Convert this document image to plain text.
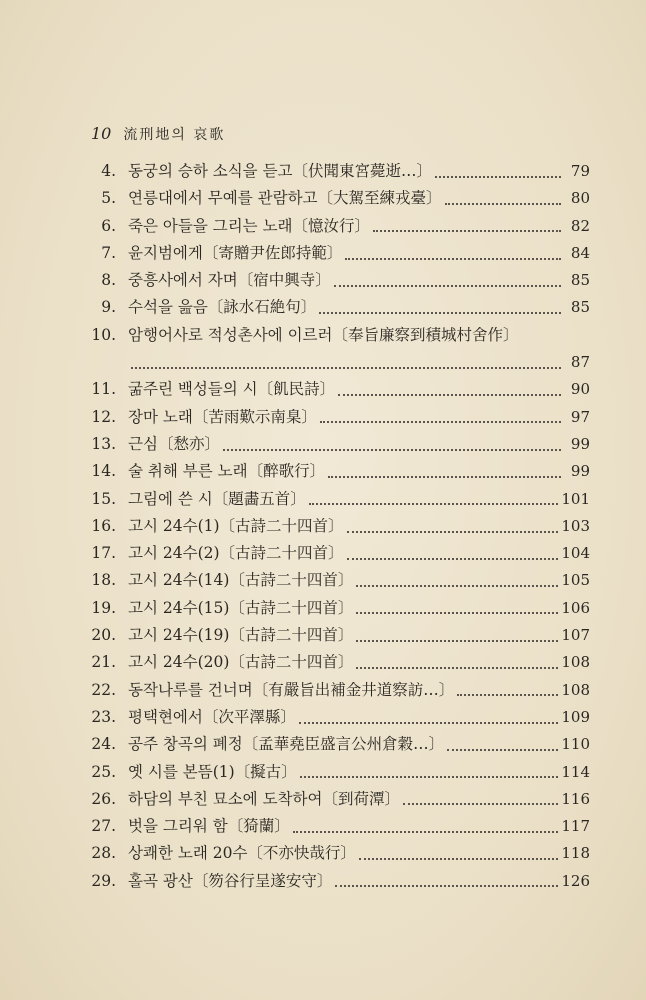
10 流刑地의 哀歌
4. 동궁의 승하 소식을 듣고〔伏聞東宮薨逝…〕	79
5. 연릉대에서 무예를 관람하고〔大駕至練戎臺〕	80
6. 죽은 아들을 그리는 노래〔憶汝行〕	82
7. 윤지범에게〔寄贈尹佐郎持範〕	84
8. 중흥사에서 자며〔宿中興寺〕	85
9. 수석을 읊음〔詠水石絶句〕	85
10. 암행어사로 적성촌사에 이르러〔奉旨廉察到積城村舍作〕
87
11. 굶주린 백성들의 시〔飢民詩〕	90
12. 장마 노래〔苦雨歎示南臬〕	97
13. 근심〔愁亦〕	99
14. 술 취해 부른 노래〔醉歌行〕	99
15. 그림에 쓴 시〔題畵五首〕	101
16. 고시 24수(1)〔古詩二十四首〕	103
17. 고시 24수(2)〔古詩二十四首〕	104
18. 고시 24수(14)〔古詩二十四首〕	105
19. 고시 24수(15)〔古詩二十四首〕	106
20. 고시 24수(19)〔古詩二十四首〕	107
21. 고시 24수(20)〔古詩二十四首〕	108
22. 동작나루를 건너며〔有嚴旨出補金井道察訪…〕	108
23. 평택현에서〔次平澤縣〕	109
24. 공주 창곡의 폐정〔孟華堯臣盛言公州倉穀…〕	110
25. 옛 시를 본뜸(1)〔擬古〕	114
26. 하담의 부친 묘소에 도착하여〔到荷潭〕	116
27. 벗을 그리워 함〔猗蘭〕	117
28. 상쾌한 노래 20수〔不亦快哉行〕	118
29. 홀곡 광산〔笏谷行呈遂安守〕	126
